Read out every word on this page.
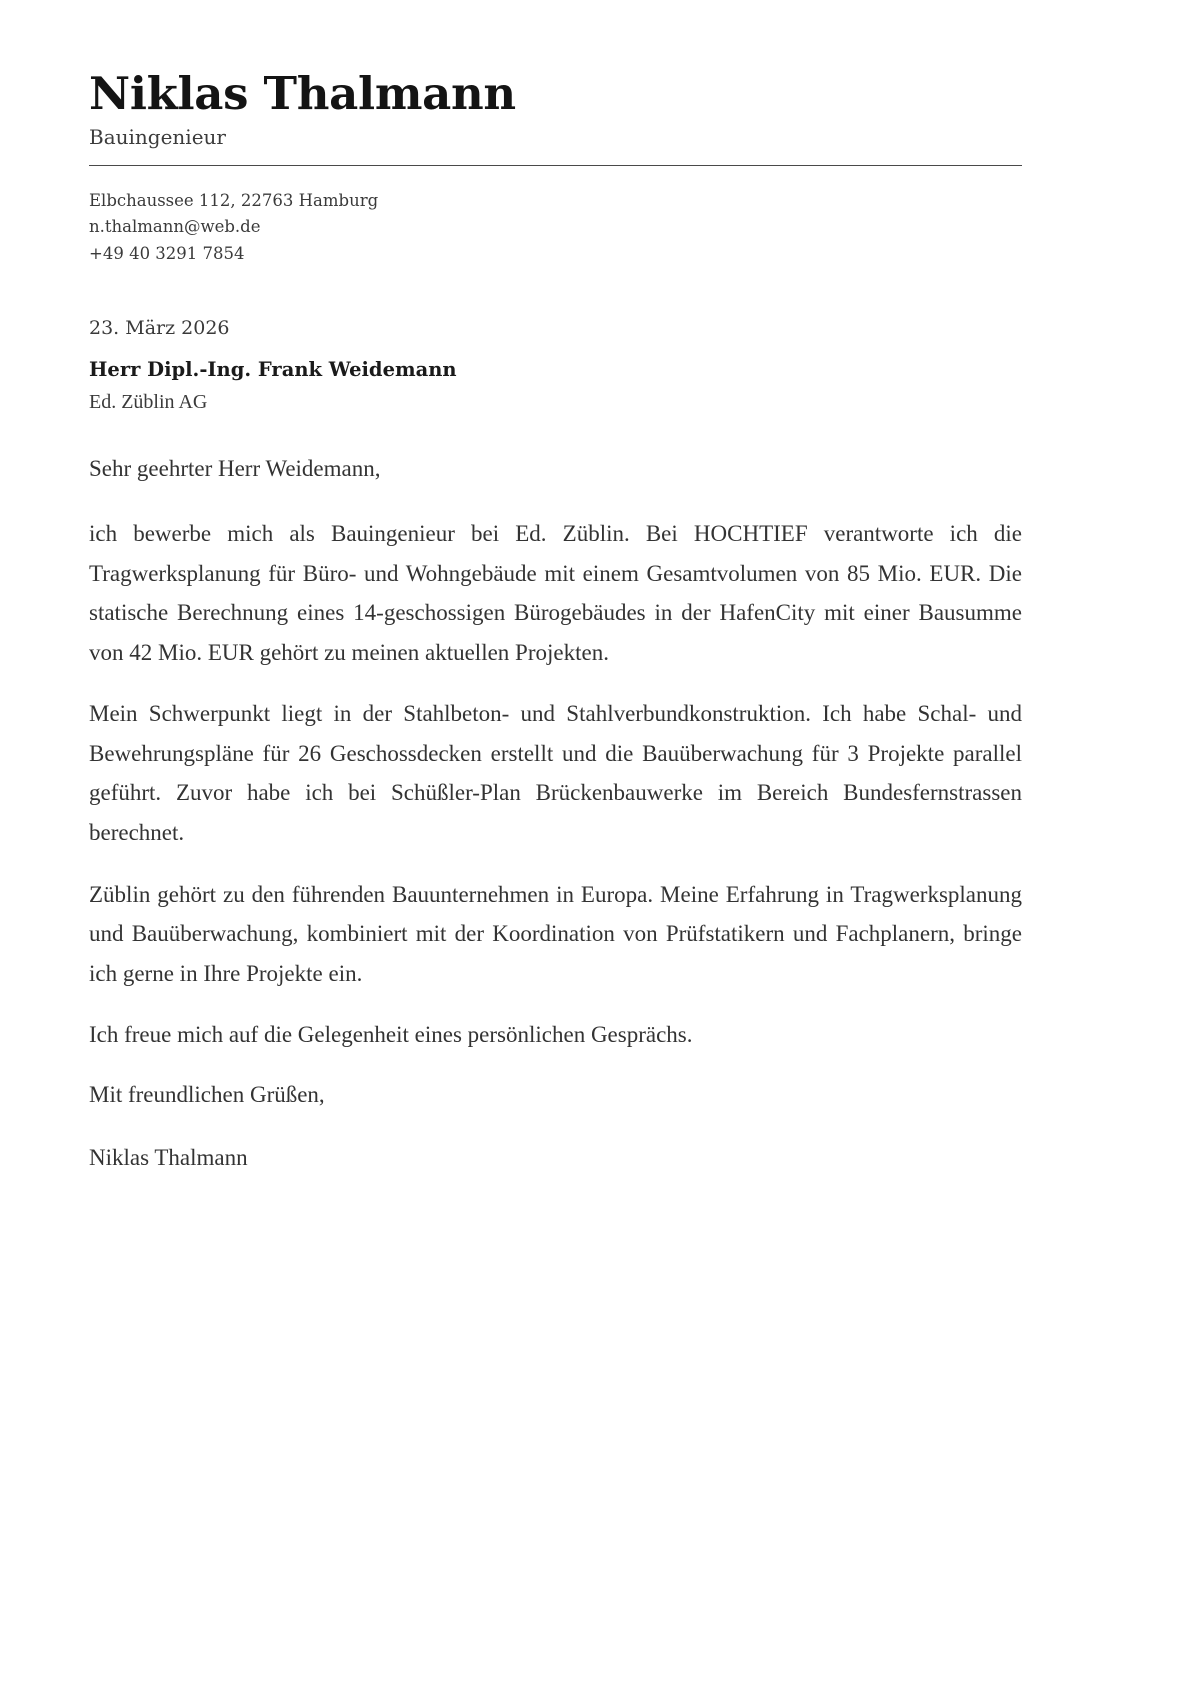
Niklas Thalmann
Bauingenieur
Elbchaussee 112, 22763 Hamburg
n.thalmann@web.de
+49 40 3291 7854
23. März 2026
Herr Dipl.-Ing. Frank Weidemann
Ed. Züblin AG

Sehr geehrter Herr Weidemann,

ich bewerbe mich als Bauingenieur bei Ed. Züblin. Bei HOCHTIEF verantworte ich die Tragwerksplanung für Büro- und Wohngebäude mit einem Gesamtvolumen von 85 Mio. EUR. Die statische Berechnung eines 14-geschossigen Bürogebäudes in der HafenCity mit einer Bausumme von 42 Mio. EUR gehört zu meinen aktuellen Projekten.

Mein Schwerpunkt liegt in der Stahlbeton- und Stahlverbundkonstruktion. Ich habe Schal- und Bewehrungspläne für 26 Geschossdecken erstellt und die Bauüberwachung für 3 Projekte parallel geführt. Zuvor habe ich bei Schüßler-Plan Brückenbauwerke im Bereich Bundesfernstrassen berechnet.

Züblin gehört zu den führenden Bauunternehmen in Europa. Meine Erfahrung in Tragwerksplanung und Bauüberwachung, kombiniert mit der Koordination von Prüfstatikern und Fachplanern, bringe ich gerne in Ihre Projekte ein.

Ich freue mich auf die Gelegenheit eines persönlichen Gesprächs.

Mit freundlichen Grüßen,

Niklas Thalmann
